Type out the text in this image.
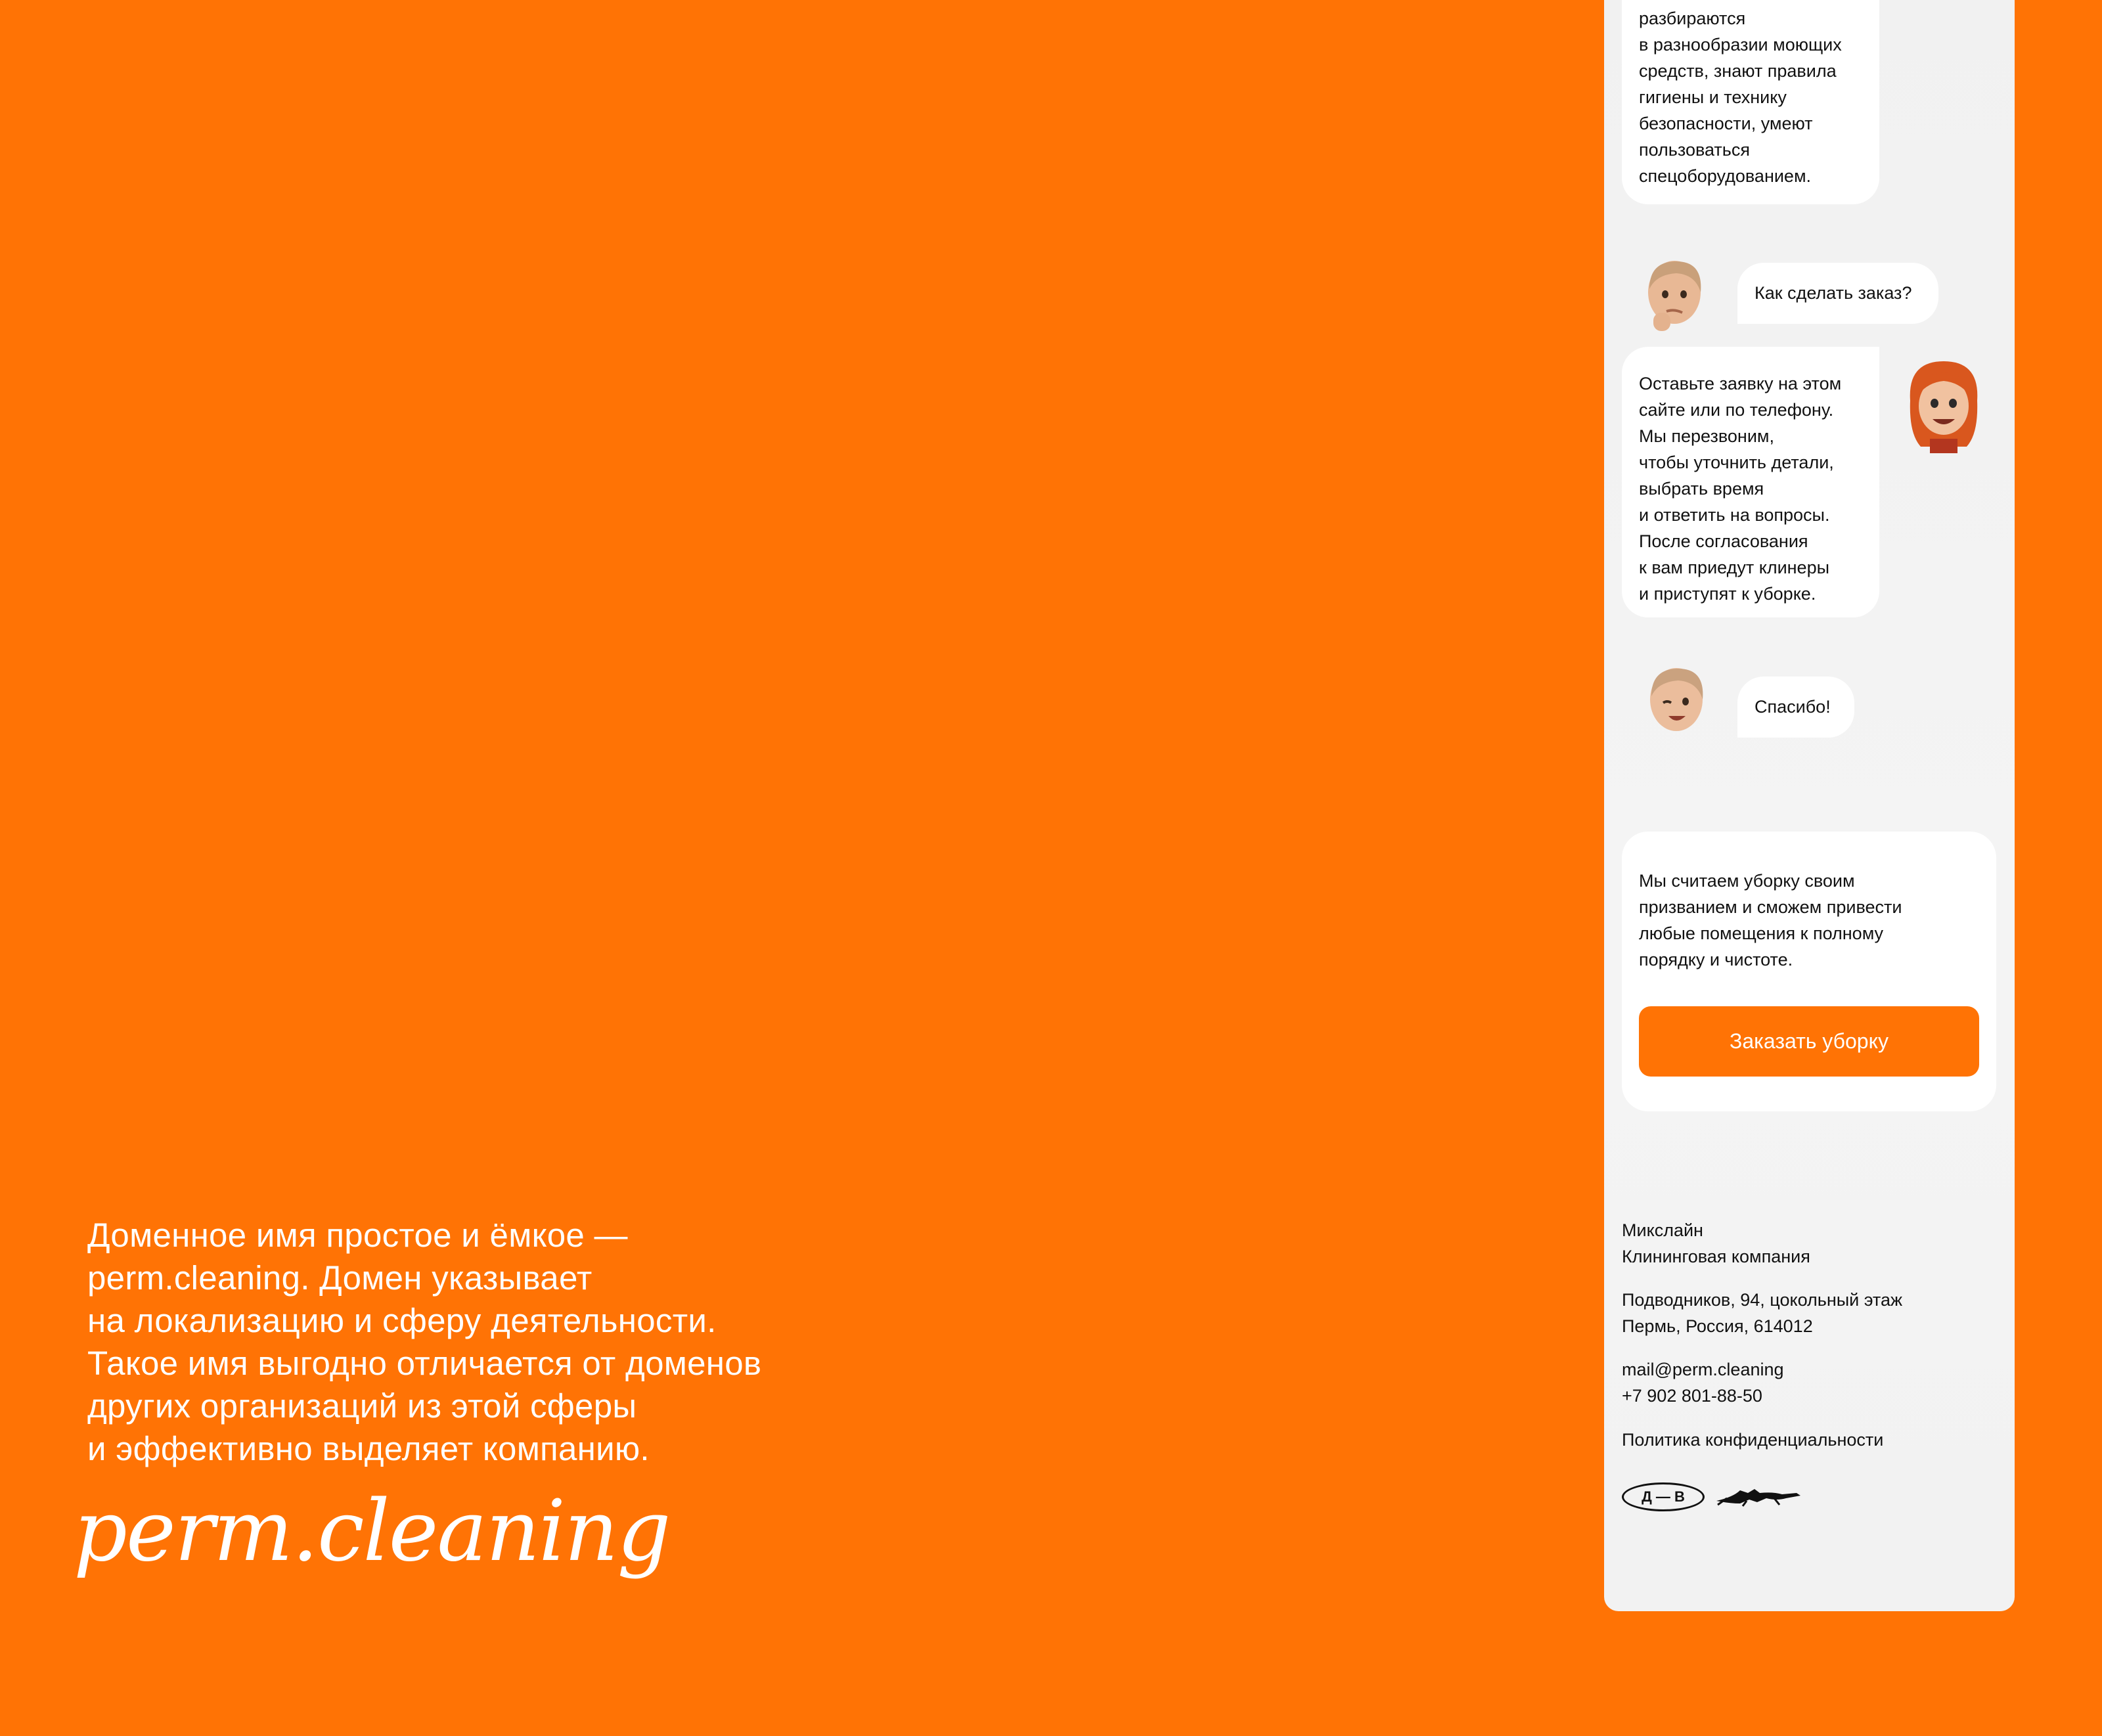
Доменное имя простое и ёмкое —
perm.cleaning. Домен указывает
на локализацию и сферу деятельности.
Такое имя выгодно отличается от доменов
других организаций из этой сферы
и эффективно выделяет компанию.
perm.cleaning
разбираются
в разнообразии моющих
средств, знают правила
гигиены и технику
безопасности, умеют
пользоваться
спецоборудованием.
Как сделать заказ?
Оставьте заявку на этом
сайте или по телефону.
Мы перезвоним,
чтобы уточнить детали,
выбрать время
и ответить на вопросы.
После согласования
к вам приедут клинеры
и приступят к уборке.
Спасибо!
Мы считаем уборку своим
призванием и сможем привести
любые помещения к полному
порядку и чистоте.
Заказать уборку
Микслайн
Клининговая компания
Подводников, 94, цокольный этаж
Пермь, Россия, 614012
mail@perm.cleaning
+7 902 801-88-50
Политика конфиденциальности
Д — В
